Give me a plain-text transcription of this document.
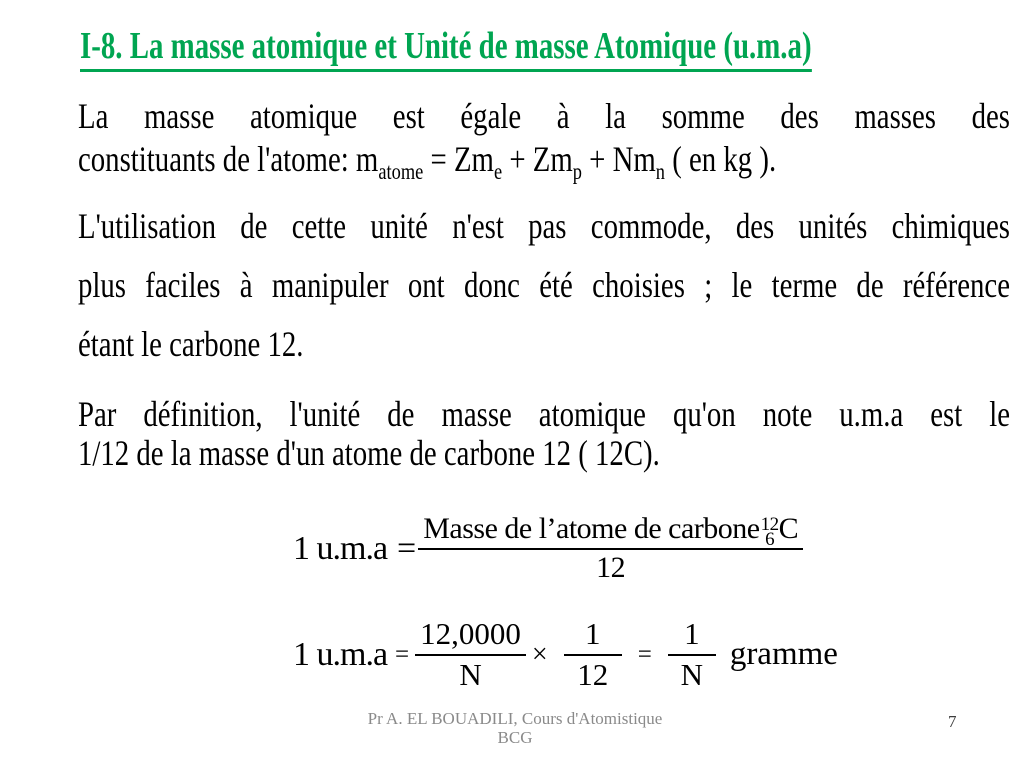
I-8. La masse atomique et Unité de masse Atomique (u.m.a)
La masse atomique est égale à la somme des masses des
constituants de l'atome: $m_{atome} = Zm_e + Zm_p + Nm_n$ ( en kg ).
L'utilisation de cette unité n'est pas commode, des unités chimiques
plus faciles à manipuler ont donc été choisies ; le terme de référence
étant le carbone 12.
Par définition, l'unité de masse atomique qu'on note u.m.a est le
1/12 de la masse d'un atome de carbone 12 ( 12C).
1 u.m.a =
Masse de l’atome de carbone 12
6 C
12
1 $u.m.a = \frac{12,0000}{N} \times \frac{1}{12} = \frac{1}{N}$ gramme
Pr A. EL BOUADILI, Cours d'Atomistique
BCG
7
